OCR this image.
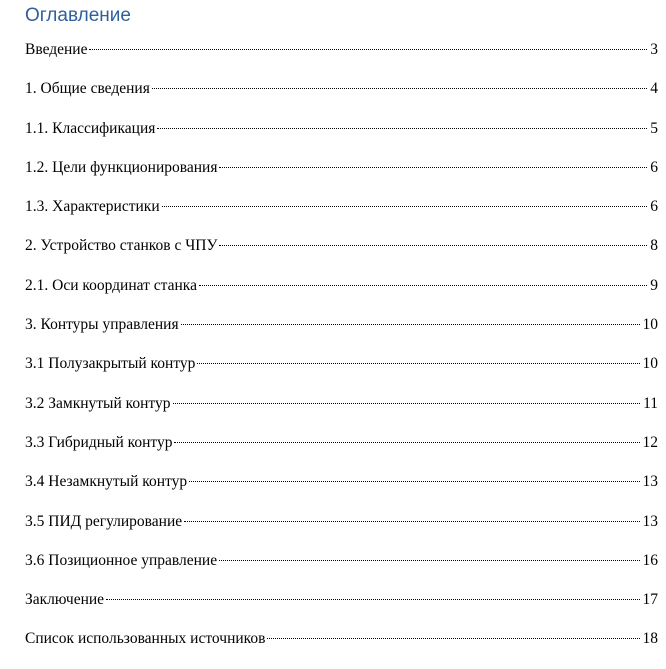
Оглавление
Введение	3
1. Общие сведения	4
1.1. Классификация	5
1.2. Цели функционирования	6
1.3. Характеристики	6
2. Устройство станков с ЧПУ	8
2.1. Оси координат станка	9
3. Контуры управления	10
3.1 Полузакрытый контур	10
3.2 Замкнутый контур	11
3.3 Гибридный контур	12
3.4 Незамкнутый контур	13
3.5 ПИД регулирование	13
3.6 Позиционное управление	16
Заключение	17
Список использованных источников	18
